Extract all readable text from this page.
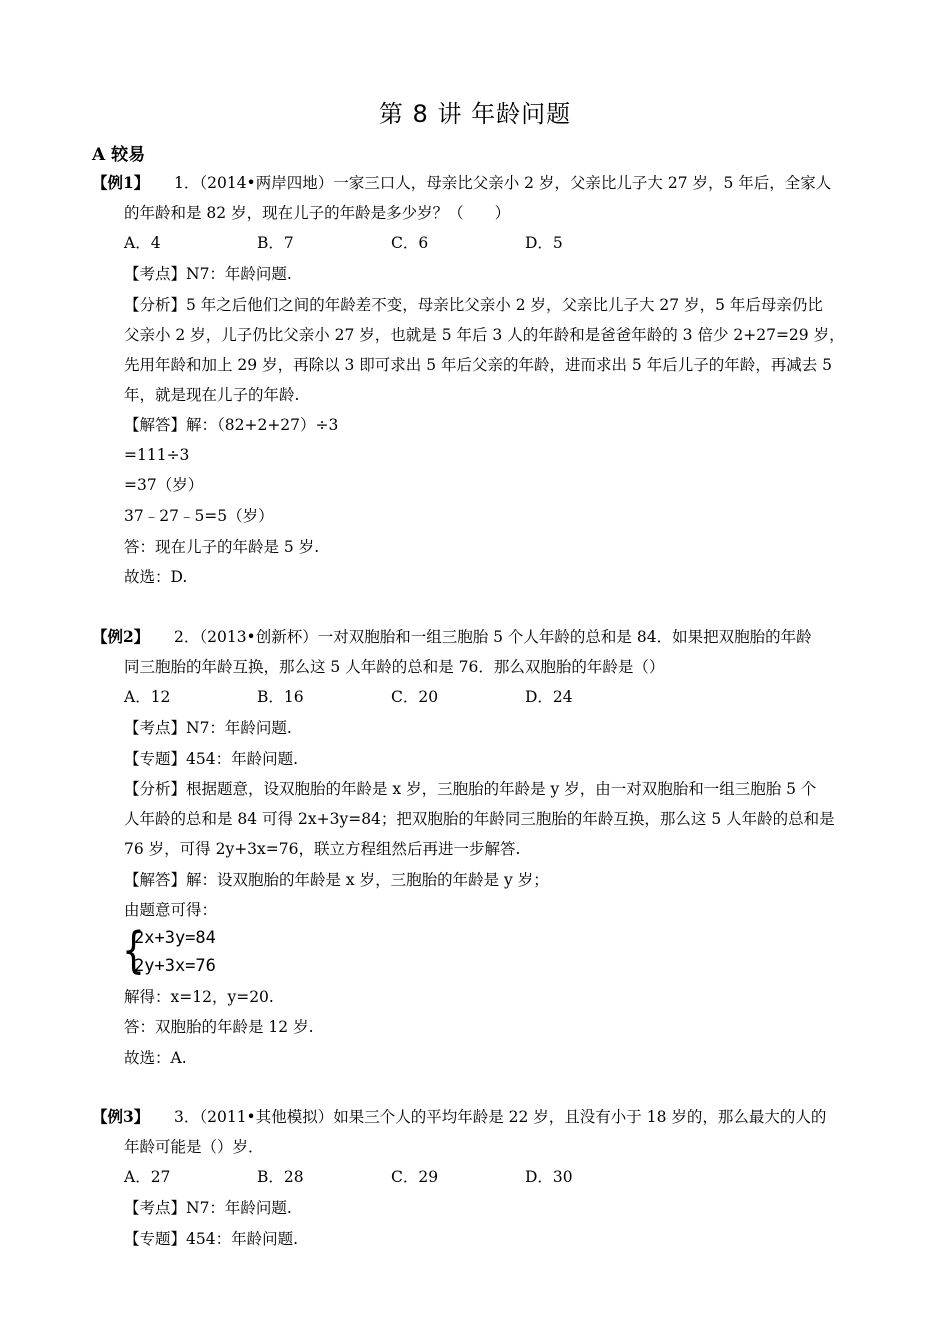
第 8 讲 年龄问题
A 较易
【例1】 1．（2014•两岸四地）一家三口人，母亲比父亲小 2 岁，父亲比儿子大 27 岁，5 年后，全家人
的年龄和是 82 岁，现在儿子的年龄是多少岁？（　　）
A．4	B．7	C．6	D．5
【考点】N7：年龄问题.
【分析】5 年之后他们之间的年龄差不变，母亲比父亲小 2 岁，父亲比儿子大 27 岁，5 年后母亲仍比
父亲小 2 岁，儿子仍比父亲小 27 岁，也就是 5 年后 3 人的年龄和是爸爸年龄的 3 倍少 2+27=29 岁，
先用年龄和加上 29 岁，再除以 3 即可求出 5 年后父亲的年龄，进而求出 5 年后儿子的年龄，再减去 5
年，就是现在儿子的年龄.
【解答】解：（82+2+27）÷3
=111÷3
=37（岁）
37﹣27﹣5=5（岁）
答：现在儿子的年龄是 5 岁.
故选：D.
【例2】 2．（2013•创新杯）一对双胞胎和一组三胞胎 5 个人年龄的总和是 84．如果把双胞胎的年龄
同三胞胎的年龄互换，那么这 5 人年龄的总和是 76．那么双胞胎的年龄是（）
A．12	B．16	C．20	D．24
【考点】N7：年龄问题.
【专题】454：年龄问题.
【分析】根据题意，设双胞胎的年龄是 x 岁，三胞胎的年龄是 y 岁，由一对双胞胎和一组三胞胎 5 个
人年龄的总和是 84 可得 2x+3y=84；把双胞胎的年龄同三胞胎的年龄互换，那么这 5 人年龄的总和是
76 岁，可得 2y+3x=76，联立方程组然后再进一步解答.
【解答】解：设双胞胎的年龄是 x 岁，三胞胎的年龄是 y 岁；
由题意可得：
{
2x+3y=84
2y+3x=76
解得：x=12，y=20.
答：双胞胎的年龄是 12 岁.
故选：A.
【例3】 3．（2011•其他模拟）如果三个人的平均年龄是 22 岁，且没有小于 18 岁的，那么最大的人的
年龄可能是（）岁．
A．27	B．28	C．29	D．30
【考点】N7：年龄问题.
【专题】454：年龄问题.
